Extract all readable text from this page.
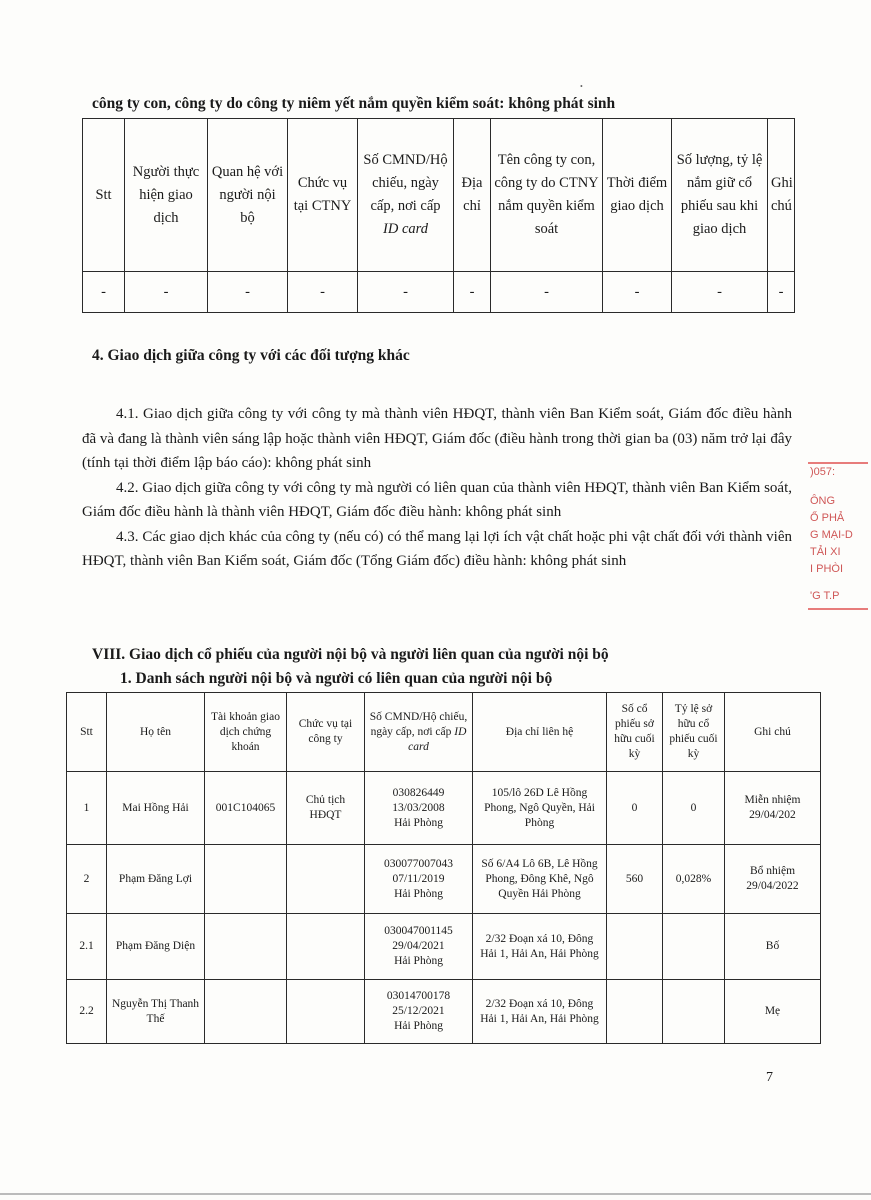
•
công ty con, công ty do công ty niêm yết nắm quyền kiểm soát: không phát sinh
Stt	Người thực hiện giao dịch	Quan hệ với người nội bộ	Chức vụ tại CTNY	Số CMND/Hộ chiếu, ngày cấp, nơi cấp
ID card	Địa chỉ	Tên công ty con, công ty do CTNY nắm quyền kiểm soát	Thời điểm giao dịch	Số lượng, tỷ lệ nắm giữ cổ phiếu sau khi giao dịch	Ghi chú
-	-	-	-	-	-	-	-	-	-
4. Giao dịch giữa công ty với các đối tượng khác

4.1. Giao dịch giữa công ty với công ty mà thành viên HĐQT, thành viên Ban Kiểm soát, Giám đốc điều hành đã và đang là thành viên sáng lập hoặc thành viên HĐQT, Giám đốc (điều hành trong thời gian ba (03) năm trở lại đây (tính tại thời điểm lập báo cáo): không phát sinh

4.2. Giao dịch giữa công ty với công ty mà người có liên quan của thành viên HĐQT, thành viên Ban Kiểm soát, Giám đốc điều hành là thành viên HĐQT, Giám đốc điều hành: không phát sinh

4.3. Các giao dịch khác của công ty (nếu có) có thể mang lại lợi ích vật chất hoặc phi vật chất đối với thành viên HĐQT, thành viên Ban Kiểm soát, Giám đốc (Tổng Giám đốc) điều hành: không phát sinh

VIII. Giao dịch cổ phiếu của người nội bộ và người liên quan của người nội bộ
1. Danh sách người nội bộ và người có liên quan của người nội bộ
Stt	Họ tên	Tài khoản giao dịch chứng khoán	Chức vụ tại công ty	Số CMND/Hộ chiếu, ngày cấp, nơi cấp ID card	Địa chỉ liên hệ	Số cổ phiếu sở hữu cuối kỳ	Tỷ lệ sở hữu cổ phiếu cuối kỳ	Ghi chú
1	Mai Hồng Hải	001C104065	Chủ tịch HĐQT	030826449
13/03/2008
Hải Phòng	105/lô 26D Lê Hồng Phong, Ngô Quyền, Hải Phòng	0	0	Miễn nhiệm 29/04/202
2	Phạm Đăng Lợi			030077007043
07/11/2019
Hải Phòng	Số 6/A4 Lô 6B, Lê Hồng Phong, Đông Khê, Ngô Quyền Hải Phòng	560	0,028%	Bổ nhiệm 29/04/2022
2.1	Phạm Đăng Diện			030047001145
29/04/2021
Hải Phòng	2/32 Đoạn xá 10, Đông Hải 1, Hải An, Hải Phòng			Bố
2.2	Nguyễn Thị Thanh Thế			03014700178
25/12/2021
Hải Phòng	2/32 Đoạn xá 10, Đông Hải 1, Hải An, Hải Phòng			Mẹ
7
)057:
ÔNG
Ổ PHẢ
G MẠI-D
TẢI XI
I PHÒI
'G T.P
